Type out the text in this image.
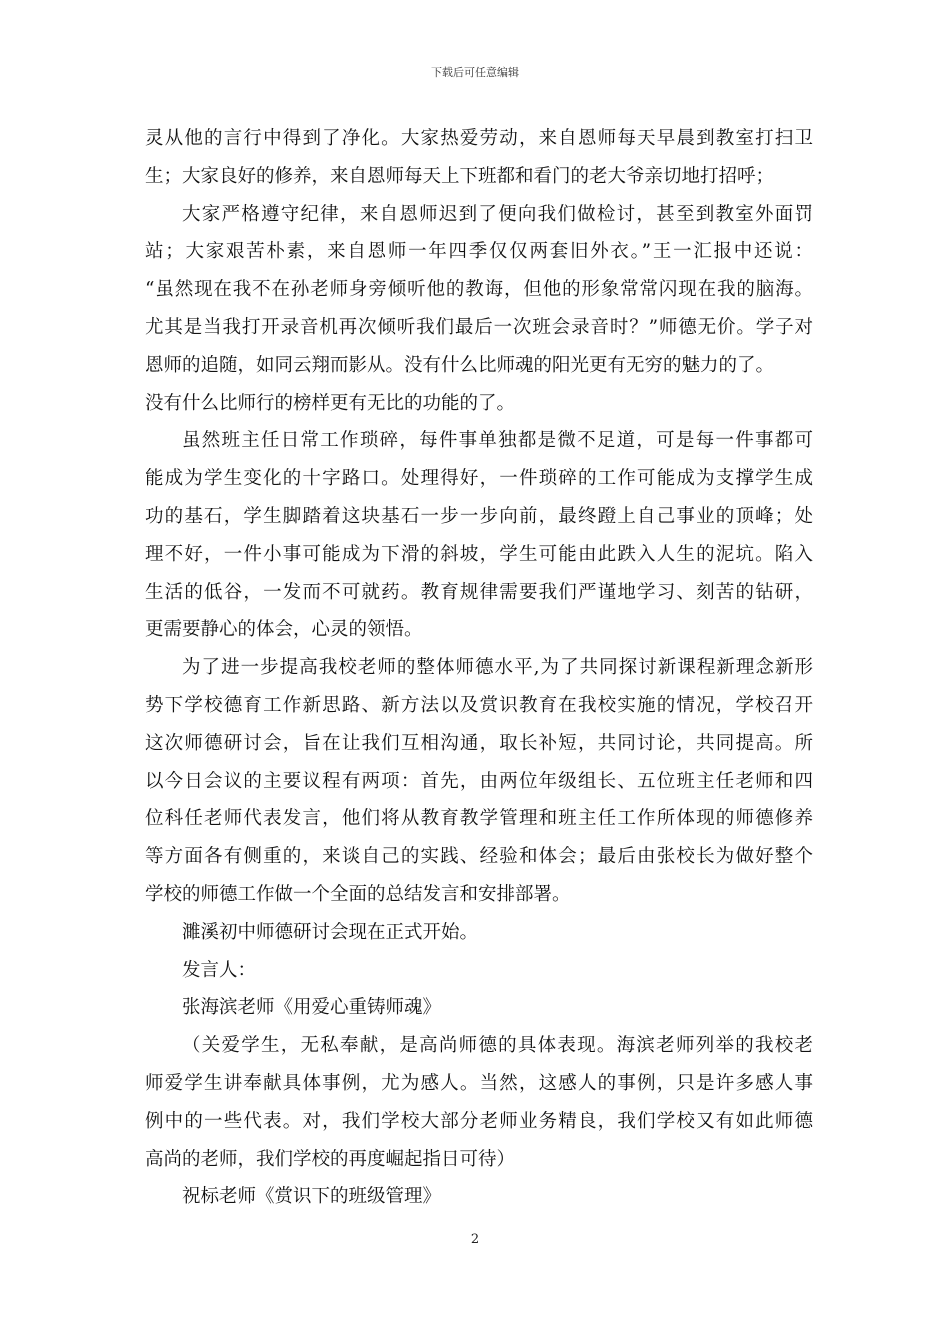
下载后可任意编辑
灵从他的言行中得到了净化。大家热爱劳动，来自恩师每天早晨到教室打扫卫
生；大家良好的修养，来自恩师每天上下班都和看门的老大爷亲切地打招呼；
大家严格遵守纪律，来自恩师迟到了便向我们做检讨，甚至到教室外面罚
站；大家艰苦朴素，来自恩师一年四季仅仅两套旧外衣。”王一汇报中还说：
“虽然现在我不在孙老师身旁倾听他的教诲，但他的形象常常闪现在我的脑海。
尤其是当我打开录音机再次倾听我们最后一次班会录音时？”师德无价。学子对
恩师的追随，如同云翔而影从。没有什么比师魂的阳光更有无穷的魅力的了。
没有什么比师行的榜样更有无比的功能的了。
虽然班主任日常工作琐碎，每件事单独都是微不足道，可是每一件事都可
能成为学生变化的十字路口。处理得好，一件琐碎的工作可能成为支撑学生成
功的基石，学生脚踏着这块基石一步一步向前，最终蹬上自己事业的顶峰；处
理不好，一件小事可能成为下滑的斜坡，学生可能由此跌入人生的泥坑。陷入
生活的低谷，一发而不可就药。教育规律需要我们严谨地学习、刻苦的钻研，
更需要静心的体会，心灵的领悟。
为了进一步提高我校老师的整体师德水平,为了共同探讨新课程新理念新形
势下学校德育工作新思路、新方法以及赏识教育在我校实施的情况，学校召开
这次师德研讨会，旨在让我们互相沟通，取长补短，共同讨论，共同提高。所
以今日会议的主要议程有两项：首先，由两位年级组长、五位班主任老师和四
位科任老师代表发言，他们将从教育教学管理和班主任工作所体现的师德修养
等方面各有侧重的，来谈自己的实践、经验和体会；最后由张校长为做好整个
学校的师德工作做一个全面的总结发言和安排部署。
濉溪初中师德研讨会现在正式开始。
发言人：
张海滨老师《用爱心重铸师魂》
（关爱学生，无私奉献，是高尚师德的具体表现。海滨老师列举的我校老
师爱学生讲奉献具体事例，尤为感人。当然，这感人的事例，只是许多感人事
例中的一些代表。对，我们学校大部分老师业务精良，我们学校又有如此师德
高尚的老师，我们学校的再度崛起指日可待）
祝标老师《赏识下的班级管理》
2
